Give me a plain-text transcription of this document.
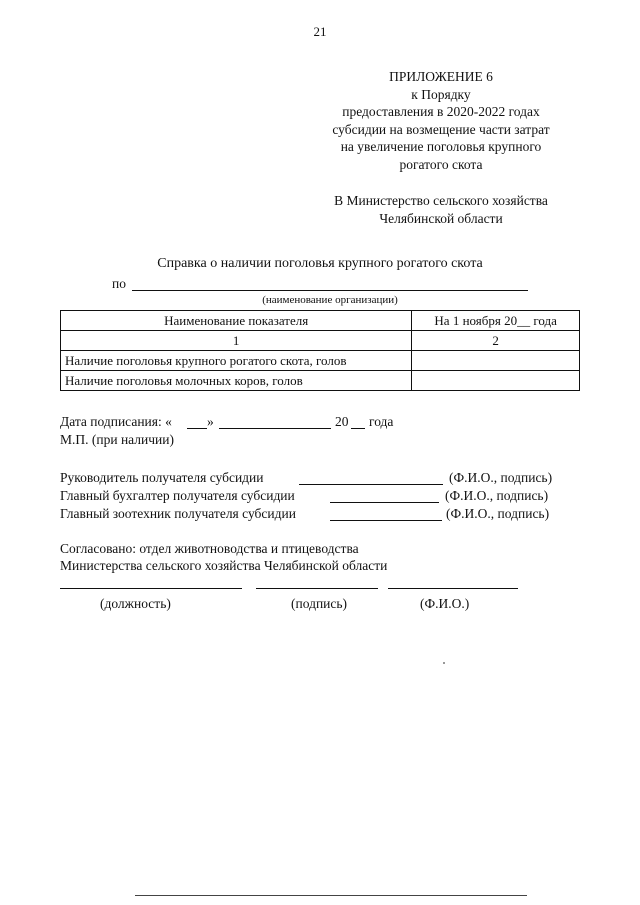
21
ПРИЛОЖЕНИЕ 6
к Порядку
предоставления в 2020-2022 годах
субсидии на возмещение части затрат
на увеличение поголовья крупного
рогатого скота
В Министерство сельского хозяйства
Челябинской области
Справка о наличии поголовья крупного рогатого скота
по
(наименование организации)
Наименование показателя	На 1 ноября 20__ года
1	2
Наличие поголовья крупного рогатого скота, голов	
Наличие поголовья молочных коров, голов	
Дата подписания: «	»	20 года
М.П. (при наличии)
Руководитель получателя субсидии	(Ф.И.О., подпись)
Главный бухгалтер получателя субсидии	(Ф.И.О., подпись)
Главный зоотехник получателя субсидии	(Ф.И.О., подпись)
Согласовано: отдел животноводства и птицеводства
Министерства сельского хозяйства Челябинской области
(должность)	(подпись)	(Ф.И.О.)
